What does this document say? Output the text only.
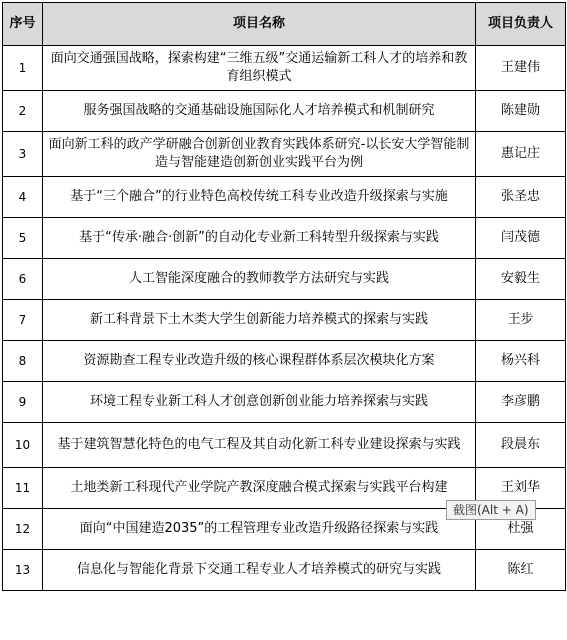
序号	项目名称	项目负责人
1	面向交通强国战略，探索构建“三维五级”交通运输新工科人才的培养和教育组织模式	王建伟
2	服务强国战略的交通基础设施国际化人才培养模式和机制研究	陈建勋
3	面向新工科的政产学研融合创新创业教育实践体系研究-以长安大学智能制造与智能建造创新创业实践平台为例	惠记庄
4	基于“三个融合”的行业特色高校传统工科专业改造升级探索与实施	张圣忠
5	基于“传承·融合·创新”的自动化专业新工科转型升级探索与实践	闫茂德
6	人工智能深度融合的教师教学方法研究与实践	安毅生
7	新工科背景下土木类大学生创新能力培养模式的探索与实践	王步
8	资源勘查工程专业改造升级的核心课程群体系层次模块化方案	杨兴科
9	环境工程专业新工科人才创意创新创业能力培养探索与实践	李彦鹏
10	基于建筑智慧化特色的电气工程及其自动化新工科专业建设探索与实践	段晨东
11	土地类新工科现代产业学院产教深度融合模式探索与实践平台构建	王刘华
12	面向“中国建造2035”的工程管理专业改造升级路径探索与实践	杜强
13	信息化与智能化背景下交通工程专业人才培养模式的研究与实践	陈红
截图(Alt + A)
